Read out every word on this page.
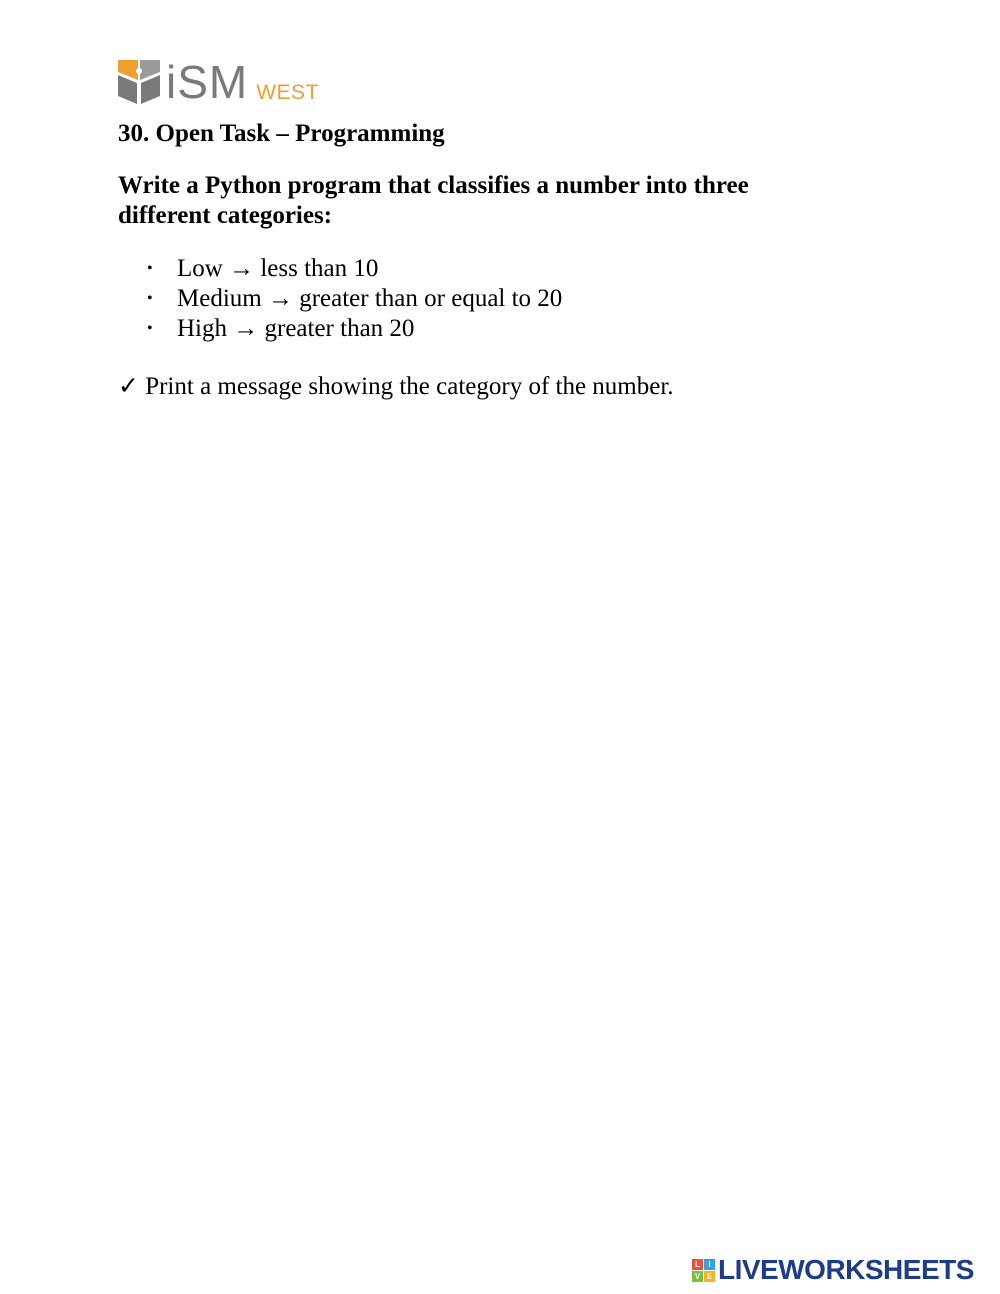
iSM WEST
30. Open Task – Programming

Write a Python program that classifies a number into three different categories:

• Low → less than 10
• Medium → greater than or equal to 20
• High → greater than 20

✓ Print a message showing the category of the number.

L	I
V E LIVEWORKSHEETS
